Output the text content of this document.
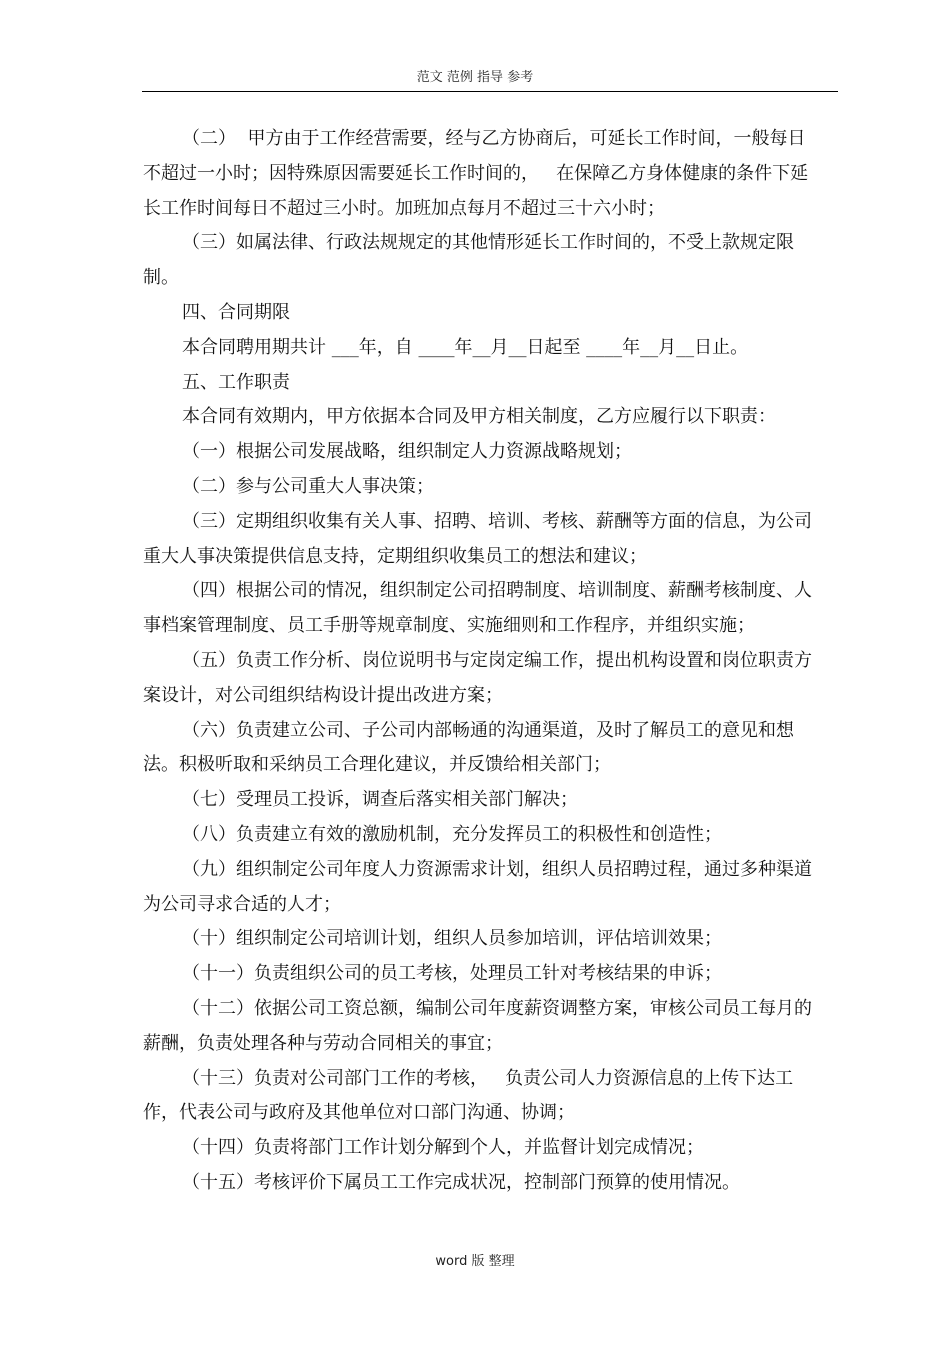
范文 范例 指导 参考

（二）  甲方由于工作经营需要，经与乙方协商后，可延长工作时间，一般每日不超过一小时；因特殊原因需要延长工作时间的，   在保障乙方身体健康的条件下延长工作时间每日不超过三小时。加班加点每月不超过三十六小时；

（三）如属法律、行政法规规定的其他情形延长工作时间的，不受上款规定限制。

四、合同期限

本合同聘用期共计 ___年，自 ____年__月__日起至 ____年__月__日止。

五、工作职责

本合同有效期内，甲方依据本合同及甲方相关制度，乙方应履行以下职责：

（一）根据公司发展战略，组织制定人力资源战略规划；

（二）参与公司重大人事决策；

（三）定期组织收集有关人事、招聘、培训、考核、薪酬等方面的信息，为公司重大人事决策提供信息支持，定期组织收集员工的想法和建议；

（四）根据公司的情况，组织制定公司招聘制度、培训制度、薪酬考核制度、人事档案管理制度、员工手册等规章制度、实施细则和工作程序，并组织实施；

（五）负责工作分析、岗位说明书与定岗定编工作，提出机构设置和岗位职责方案设计，对公司组织结构设计提出改进方案；

（六）负责建立公司、子公司内部畅通的沟通渠道，及时了解员工的意见和想法。积极听取和采纳员工合理化建议，并反馈给相关部门；

（七）受理员工投诉，调查后落实相关部门解决；

（八）负责建立有效的激励机制，充分发挥员工的积极性和创造性；

（九）组织制定公司年度人力资源需求计划，组织人员招聘过程，通过多种渠道为公司寻求合适的人才；

（十）组织制定公司培训计划，组织人员参加培训，评估培训效果；

（十一）负责组织公司的员工考核，处理员工针对考核结果的申诉；

（十二）依据公司工资总额，编制公司年度薪资调整方案，审核公司员工每月的薪酬，负责处理各种与劳动合同相关的事宜；

（十三）负责对公司部门工作的考核，   负责公司人力资源信息的上传下达工作，代表公司与政府及其他单位对口部门沟通、协调；

（十四）负责将部门工作计划分解到个人，并监督计划完成情况；

（十五）考核评价下属员工工作完成状况，控制部门预算的使用情况。

word 版 整理
